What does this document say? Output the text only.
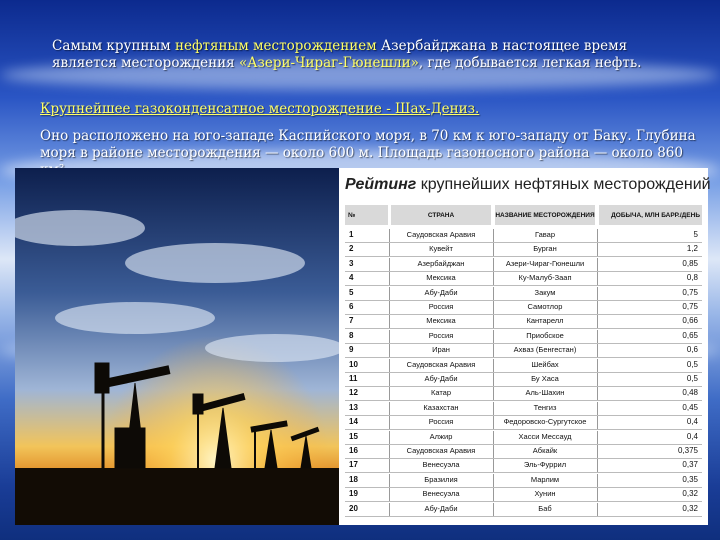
Самым крупным нефтяным месторождением Азербайджана в настоящее время является месторождения «Азери-Чираг-Гюнешли», где добывается легкая нефть.
Крупнейшее газоконденсатное месторождение - Шах-Дениз.
Оно расположено на юго-западе Каспийского моря, в 70 км к юго-западу от Баку. Глубина моря в районе месторождения — около 600 м. Площадь газоносного района — около 860
Рейтинг крупнейших нефтяных месторождений
№	СТРАНА	НАЗВАНИЕ МЕСТОРОЖДЕНИЯ	ДОБЫЧА, МЛН БАРР./ДЕНЬ
1	Саудовская Аравия	Гавар	5
2	Кувейт	Бурган	1,2
3	Азербайджан	Азери-Чираг-Гюнешли	0,85
4	Мексика	Ку-Малуб-Заап	0,8
5	Абу-Даби	Закум	0,75
6	Россия	Самотлор	0,75
7	Мексика	Кантарелл	0,66
8	Россия	Приобское	0,65
9	Иран	Ахваз (Бенгестан)	0,6
10	Саудовская Аравия	Шейбах	0,5
11	Абу-Даби	Бу Хаса	0,5
12	Катар	Аль-Шахин	0,48
13	Казахстан	Тенгиз	0,45
14	Россия	Федоровско-Сургутское	0,4
15	Алжир	Хасси Мессауд	0,4
16	Саудовская Аравия	Абкайк	0,375
17	Венесуэла	Эль-Фуррил	0,37
18	Бразилия	Марлим	0,35
19	Венесуэла	Хунин	0,32
20	Абу-Даби	Баб	0,32
